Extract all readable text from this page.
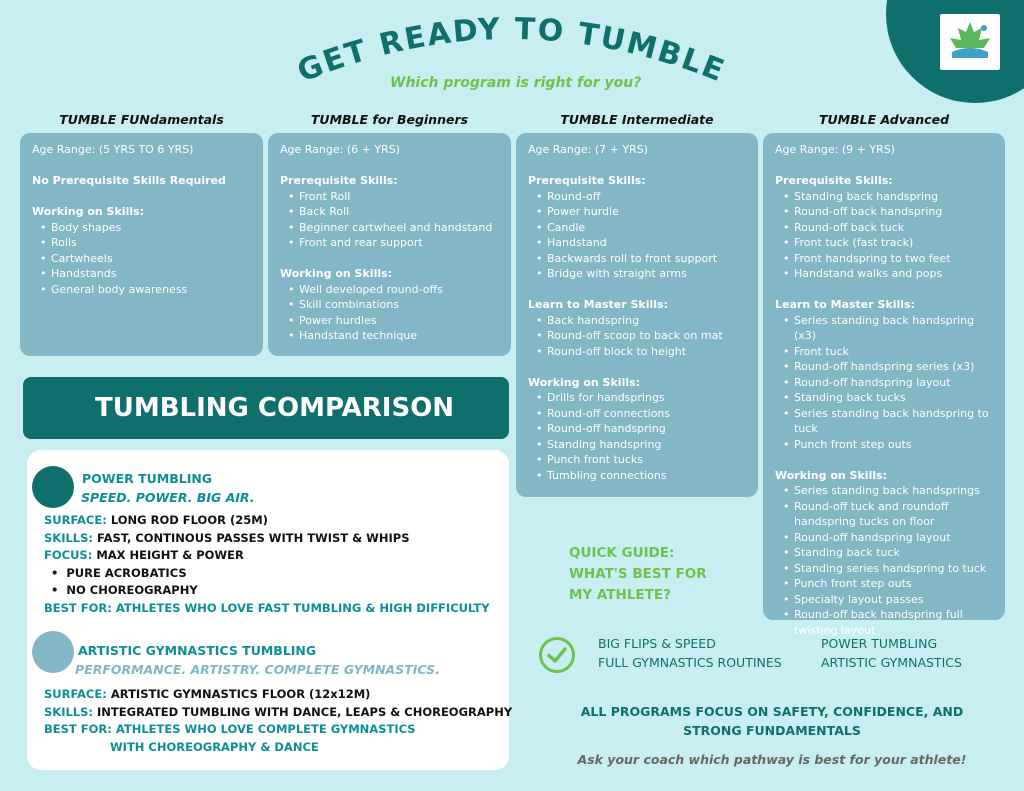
GET READY TO TUMBLE
Which program is right for you?
TUMBLE FUNdamentals	TUMBLE for Beginners	TUMBLE Intermediate	TUMBLE Advanced
Age Range: (5 YRS TO 6 YRS)
No Prerequisite Skills Required
Working on Skills:
• Body shapes
• Rolls
• Cartwheels
• Handstands
• General body awareness
Age Range: (6 + YRS)
Prerequisite Skills:
• Front Roll
• Back Roll
• Beginner cartwheel and handstand
• Front and rear support
Working on Skills:
• Well developed round-offs
• Skill combinations
• Power hurdles
• Handstand technique
Age Range: (7 + YRS)
Prerequisite Skills:
• Round-off
• Power hurdle
• Candle
• Handstand
• Backwards roll to front support
• Bridge with straight arms
Learn to Master Skills:
• Back handspring
• Round-off scoop to back on mat
• Round-off block to height
Working on Skills:
• Drills for handsprings
• Round-off connections
• Round-off handspring
• Standing handspring
• Punch front tucks
• Tumbling connections
Age Range: (9 + YRS)
Prerequisite Skills:
• Standing back handspring
• Round-off back handspring
• Round-off back tuck
• Front tuck (fast track)
• Front handspring to two feet
• Handstand walks and pops
Learn to Master Skills:
• Series standing back handspring (x3)
• Front tuck
• Round-off handspring series (x3)
• Round-off handspring layout
• Standing back tucks
• Series standing back handspring to tuck
• Punch front step outs
Working on Skills:
• Series standing back handsprings
• Round-off tuck and roundoff handspring tucks on floor
• Round-off handspring layout
• Standing back tuck
• Standing series handspring to tuck
• Punch front step outs
• Specialty layout passes
• Round-off back handspring full twisting layout
TUMBLING COMPARISON
POWER TUMBLING
SPEED. POWER. BIG AIR.
SURFACE: LONG ROD FLOOR (25M)
SKILLS: FAST, CONTINOUS PASSES WITH TWIST & WHIPS
FOCUS: MAX HEIGHT & POWER
•  PURE ACROBATICS
•  NO CHOREOGRAPHY
BEST FOR: ATHLETES WHO LOVE FAST TUMBLING & HIGH DIFFICULTY
ARTISTIC GYMNASTICS TUMBLING
PERFORMANCE. ARTISTRY. COMPLETE GYMNASTICS.
SURFACE: ARTISTIC GYMNASTICS FLOOR (12x12M)
SKILLS: INTEGRATED TUMBLING WITH DANCE, LEAPS & CHOREOGRAPHY
BEST FOR: ATHLETES WHO LOVE COMPLETE GYMNASTICS
WITH CHOREOGRAPHY & DANCE
QUICK GUIDE:
WHAT'S BEST FOR
MY ATHLETE?
BIG FLIPS & SPEED
FULL GYMNASTICS ROUTINES
POWER TUMBLING
ARTISTIC GYMNASTICS
ALL PROGRAMS FOCUS ON SAFETY, CONFIDENCE, AND
STRONG FUNDAMENTALS
Ask your coach which pathway is best for your athlete!
